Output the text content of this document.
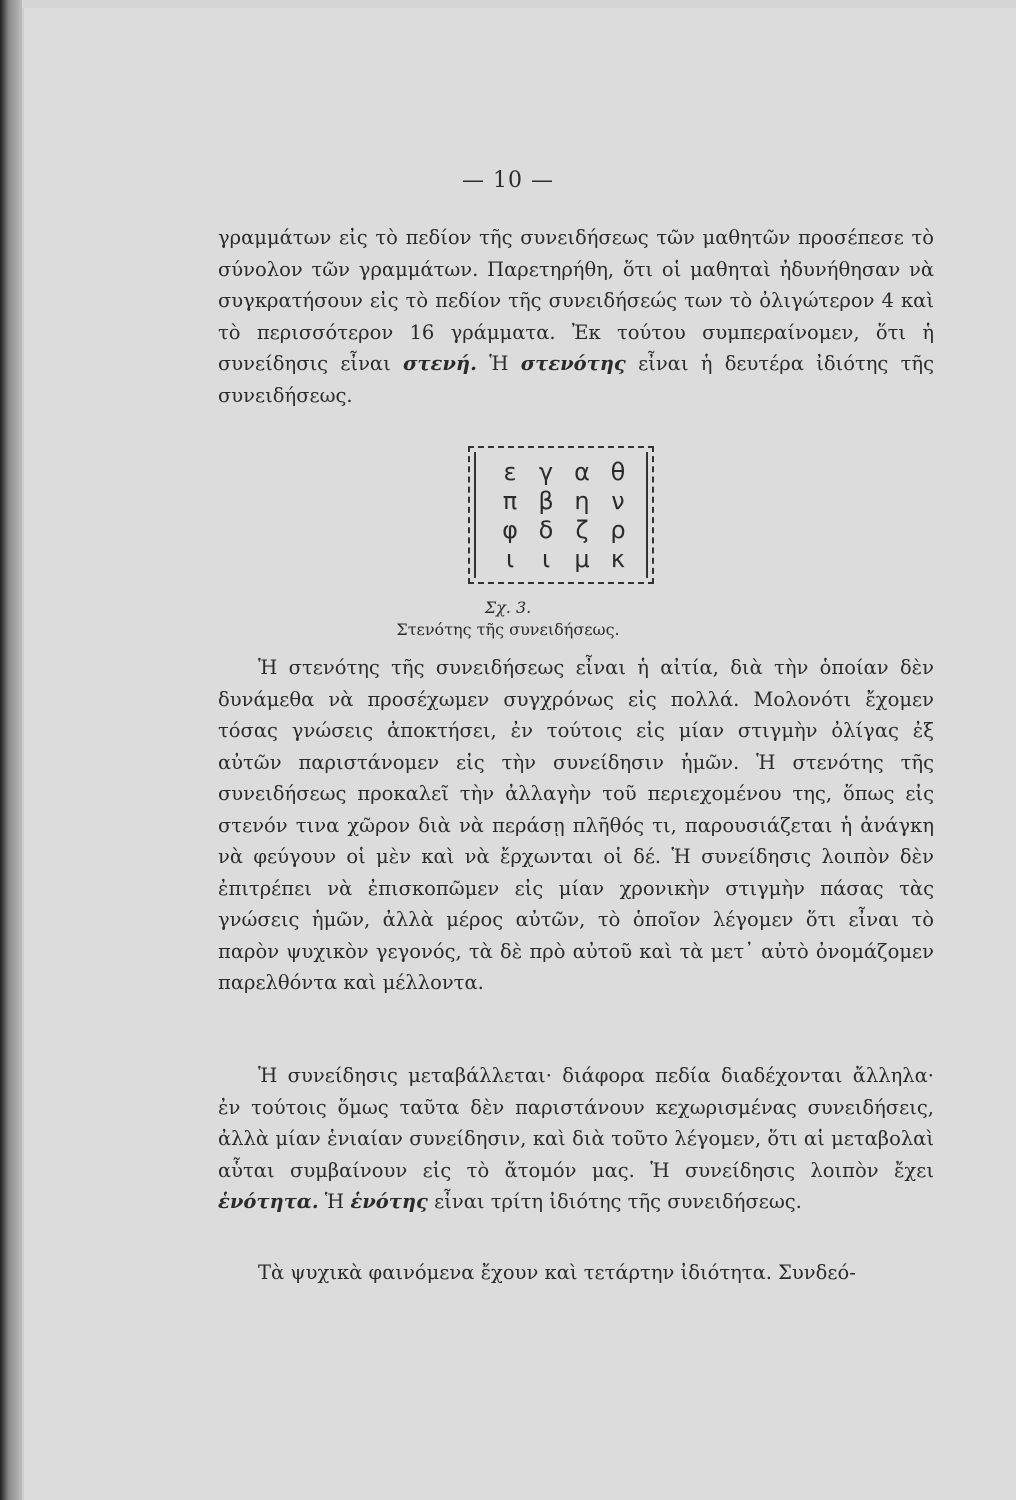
— 10 —

γραμμάτων εἰς τὸ πεδίον τῆς συνειδήσεως τῶν μαθητῶν προσέπεσε τὸ σύνολον τῶν γραμμάτων. Παρετηρήθη, ὅτι οἱ μαθηταὶ ἠδυνήθησαν νὰ συγκρατήσουν εἰς τὸ πεδίον τῆς συνειδήσεώς των τὸ ὀλιγώτερον 4 καὶ τὸ περισσότερον 16 γράμματα. Ἐκ τούτου συμπεραίνομεν, ὅτι ἡ συνείδησις εἶναι στενή. Ἡ στενότης εἶναι ἡ δευτέρα ἰδιότης τῆς συνειδήσεως.

ε γ α θ
π β η ν
φ δ ζ ρ
ι	ι	μ κ
Σχ. 3.
Στενότης τῆς συνειδήσεως.

Ἡ στενότης τῆς συνειδήσεως εἶναι ἡ αἰτία, διὰ τὴν ὁποίαν δὲν δυνάμεθα νὰ προσέχωμεν συγχρόνως εἰς πολλά. Μολονότι ἔχομεν τόσας γνώσεις ἀποκτήσει, ἐν τούτοις εἰς μίαν στιγμὴν ὀλίγας ἐξ αὐτῶν παριστάνομεν εἰς τὴν συνείδησιν ἡμῶν. Ἡ στενότης τῆς συνειδήσεως προκαλεῖ τὴν ἀλλαγὴν τοῦ περιεχομένου της, ὅπως εἰς στενόν τινα χῶρον διὰ νὰ περάσῃ πλῆθός τι, παρουσιάζεται ἡ ἀνάγκη νὰ φεύγουν οἱ μὲν καὶ νὰ ἔρχωνται οἱ δέ. Ἡ συνείδησις λοιπὸν δὲν ἐπιτρέπει νὰ ἐπισκοπῶμεν εἰς μίαν χρονικὴν στιγμὴν πάσας τὰς γνώσεις ἡμῶν, ἀλλὰ μέρος αὐτῶν, τὸ ὁποῖον λέγομεν ὅτι εἶναι τὸ παρὸν ψυχικὸν γεγονός, τὰ δὲ πρὸ αὐτοῦ καὶ τὰ μετ᾽ αὐτὸ ὀνομάζομεν παρελθόντα καὶ μέλλοντα.

Ἡ συνείδησις μεταβάλλεται· διάφορα πεδία διαδέχονται ἄλληλα· ἐν τούτοις ὅμως ταῦτα δὲν παριστάνουν κεχωρισμένας συνειδήσεις, ἀλλὰ μίαν ἑνιαίαν συνείδησιν, καὶ διὰ τοῦτο λέγομεν, ὅτι αἱ μεταβολαὶ αὗται συμβαίνουν εἰς τὸ ἄτομόν μας. Ἡ συνείδησις λοιπὸν ἔχει ἑνότητα. Ἡ ἑνότης εἶναι τρίτη ἰδιότης τῆς συνειδήσεως.

Τὰ ψυχικὰ φαινόμενα ἔχουν καὶ τετάρτην ἰδιότητα. Συνδεό-
